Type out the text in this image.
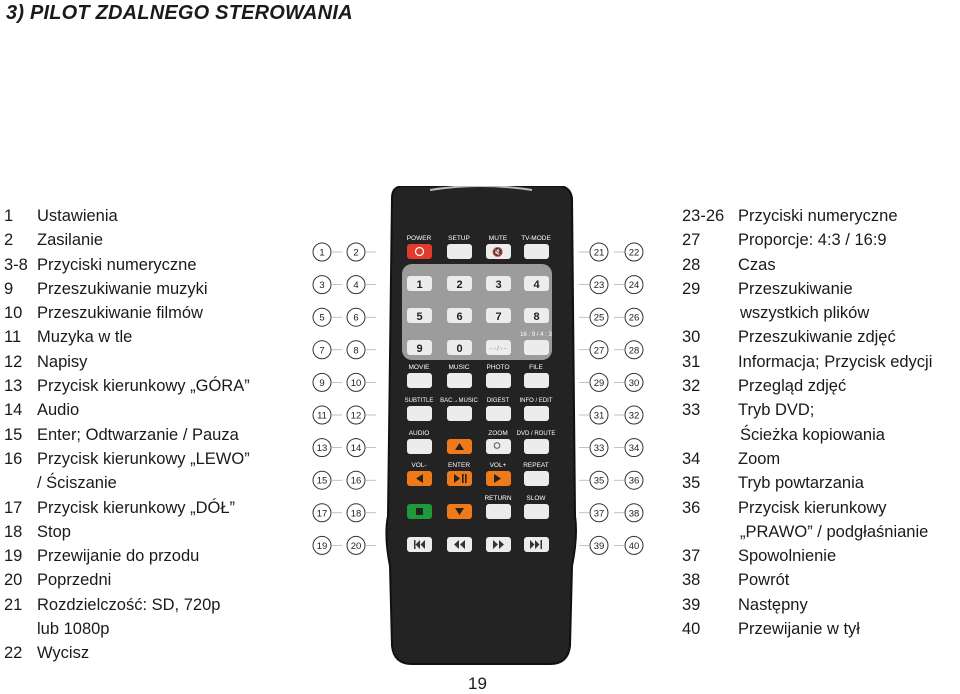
3) PILOT ZDALNEGO STEROWANIA
1 Ustawienia
2 Zasilanie
3-8 Przyciski numeryczne
9 Przeszukiwanie muzyki
10 Przeszukiwanie filmów
11 Muzyka w tle
12 Napisy
13 Przycisk kierunkowy „GÓRA”
14 Audio
15 Enter; Odtwarzanie / Pauza
16 Przycisk kierunkowy „LEWO”
/ Ściszanie
17 Przycisk kierunkowy „DÓŁ”
18 Stop
19 Przewijanie do przodu
20 Poprzedni
21 Rozdzielczość: SD, 720p
lub 1080p
22 Wycisz
23-26 Przyciski numeryczne
27 Proporcje: 4:3 / 16:9
28 Czas
29 Przeszukiwanie
wszystkich plików
30 Przeszukiwanie zdjęć
31 Informacja; Przycisk edycji
32 Przegląd zdjęć
33 Tryb DVD;
Ścieżka kopiowania
34 Zoom
35 Tryb powtarzania
36 Przycisk kierunkowy
„PRAWO” / podgłaśnianie
37 Spowolnienie
38 Powrót
39 Następny
40 Przewijanie w tył
POWER	SETUP	MUTE TV-MODE
16 : 9 / 4 : 3
MOVIE	MUSIC	PHOTO	FILE
SUBTITLE BAC→MUSIC DIGEST INFO / EDIT
AUDIO	ZOOM DVD / ROUTE
VOL-	ENTER	VOL+	REPEAT
RETURN SLOW
🔇
1	2	3	4
5	6	7	8
9	0	- - / - -
1	2
3	4
5	6
7	8
9	10
11	12
13 14
15 16
17 18
19 20
21	22
23	24
25	26
27	28
29	30
31	32
33	34
35	36
37	38
39	40
19
